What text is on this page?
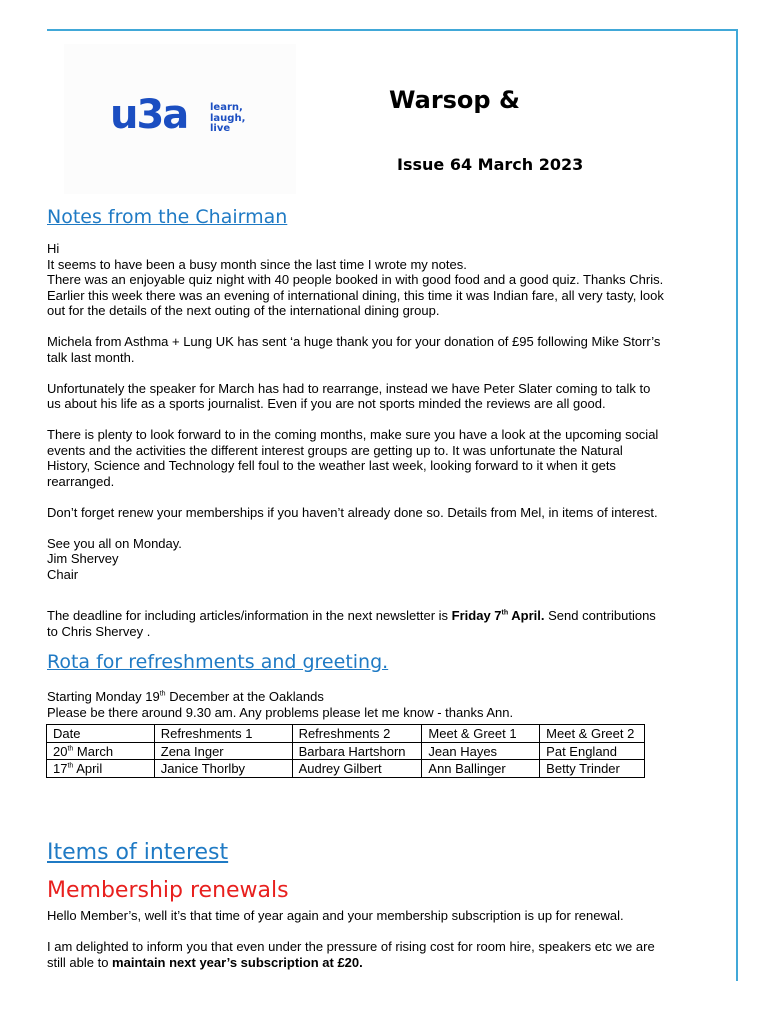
u3a learn,
laugh,
live
Warsop &
Issue 64 March 2023
Notes from the Chairman

Hi

It seems to have been a busy month since the last time I wrote my notes.

There was an enjoyable quiz night with 40 people booked in with good food and a good quiz. Thanks Chris.

Earlier this week there was an evening of international dining, this time it was Indian fare, all very tasty, look

out for the details of the next outing of the international dining group.

Michela from Asthma + Lung UK has sent ‘a huge thank you for your donation of £95 following Mike Storr’s

talk last month.

Unfortunately the speaker for March has had to rearrange, instead we have Peter Slater coming to talk to

us about his life as a sports journalist. Even if you are not sports minded the reviews are all good.

There is plenty to look forward to in the coming months, make sure you have a look at the upcoming social

events and the activities the different interest groups are getting up to. It was unfortunate the Natural

History, Science and Technology fell foul to the weather last week, looking forward to it when it gets

rearranged.

Don’t forget renew your memberships if you haven’t already done so. Details from Mel, in items of interest.

See you all on Monday.

Jim Shervey

Chair

The deadline for including articles/information in the next newsletter is Friday 7th April. Send contributions

to Chris Shervey .

Rota for refreshments and greeting.

Starting Monday 19th December at the Oaklands

Please be there around 9.30 am. Any problems please let me know - thanks Ann.

Date	Refreshments 1	Refreshments 2	Meet & Greet 1	Meet & Greet 2
20th March	Zena Inger	Barbara Hartshorn	Jean Hayes	Pat England
17th April	Janice Thorlby	Audrey Gilbert	Ann Ballinger	Betty Trinder
Items of interest
Membership renewals

Hello Member’s, well it’s that time of year again and your membership subscription is up for renewal.

I am delighted to inform you that even under the pressure of rising cost for room hire, speakers etc we are

still able to maintain next year’s subscription at £20.
